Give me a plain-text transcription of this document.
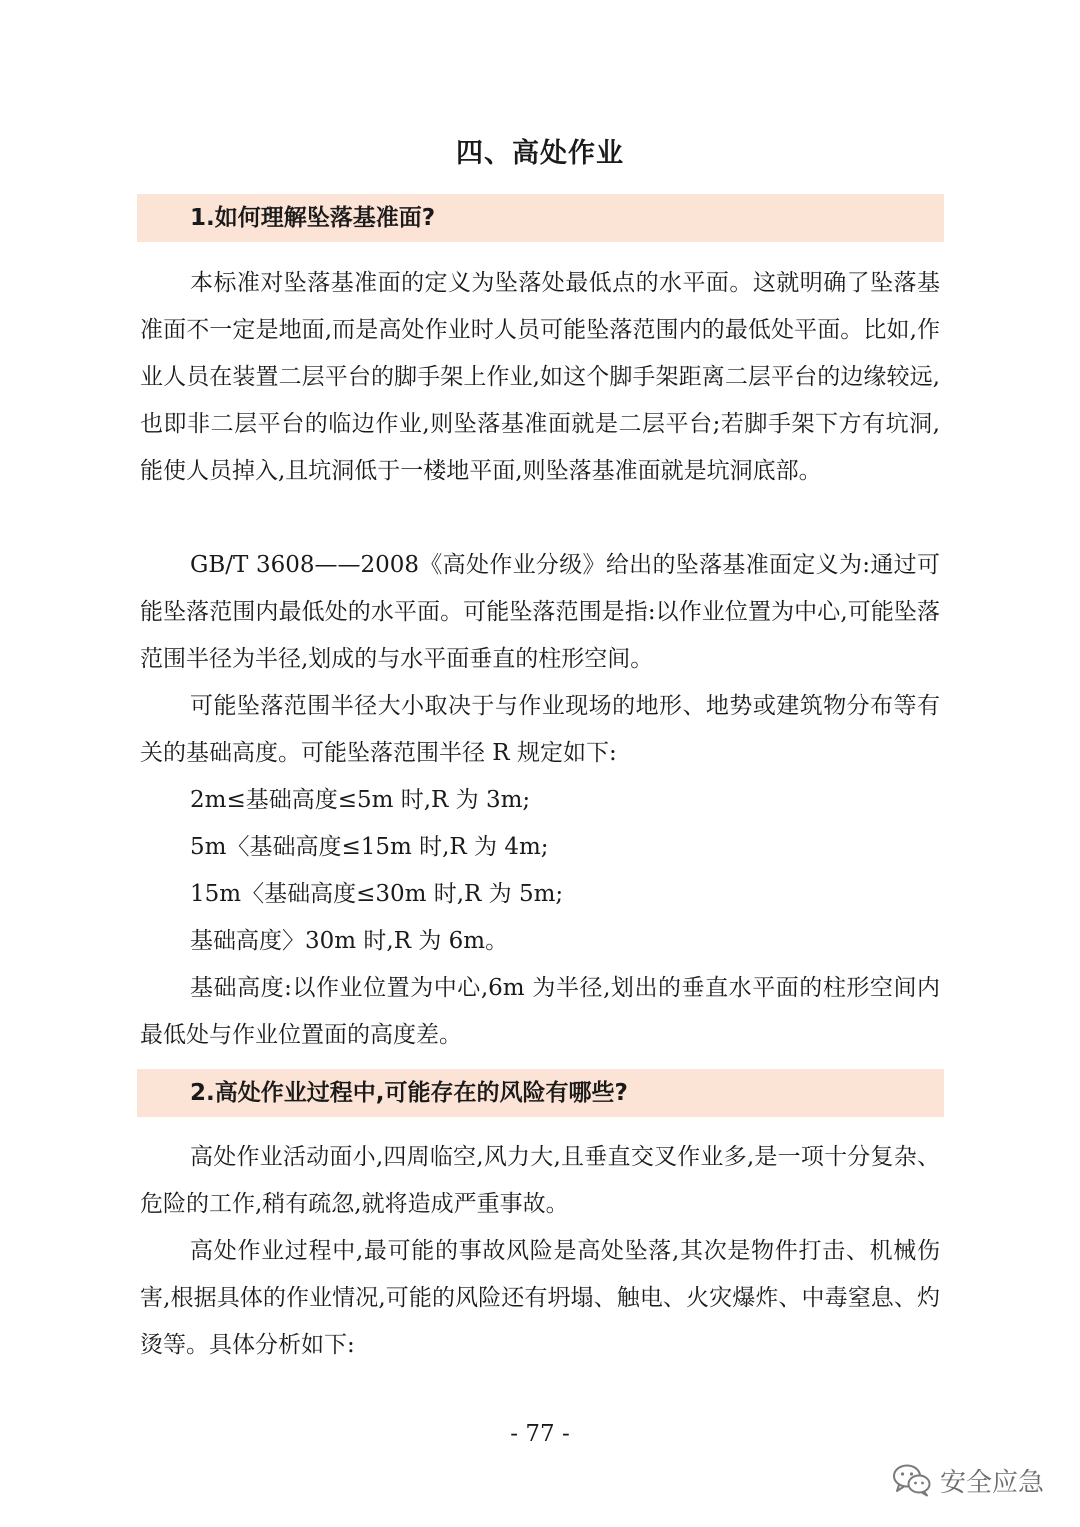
四、高处作业
1.如何理解坠落基准面?

本标准对坠落基准面的定义为坠落处最低点的水平面。这就明确了坠落基准面不一定是地面,而是高处作业时人员可能坠落范围内的最低处平面。比如,作业人员在装置二层平台的脚手架上作业,如这个脚手架距离二层平台的边缘较远,也即非二层平台的临边作业,则坠落基准面就是二层平台;若脚手架下方有坑洞,能使人员掉入,且坑洞低于一楼地平面,则坠落基准面就是坑洞底部。

GB/T 3608——2008《高处作业分级》给出的坠落基准面定义为:通过可能坠落范围内最低处的水平面。可能坠落范围是指:以作业位置为中心,可能坠落范围半径为半径,划成的与水平面垂直的柱形空间。

可能坠落范围半径大小取决于与作业现场的地形、地势或建筑物分布等有关的基础高度。可能坠落范围半径 R 规定如下:

2m≤基础高度≤5m 时,R 为 3m;

5m〈基础高度≤15m 时,R 为 4m;

15m〈基础高度≤30m 时,R 为 5m;

基础高度〉30m 时,R 为 6m。

基础高度:以作业位置为中心,6m 为半径,划出的垂直水平面的柱形空间内最低处与作业位置面的高度差。

2.高处作业过程中,可能存在的风险有哪些?

高处作业活动面小,四周临空,风力大,且垂直交叉作业多,是一项十分复杂、危险的工作,稍有疏忽,就将造成严重事故。

高处作业过程中,最可能的事故风险是高处坠落,其次是物件打击、机械伤害,根据具体的作业情况,可能的风险还有坍塌、触电、火灾爆炸、中毒窒息、灼烫等。具体分析如下:

- 77 -
安全应急
